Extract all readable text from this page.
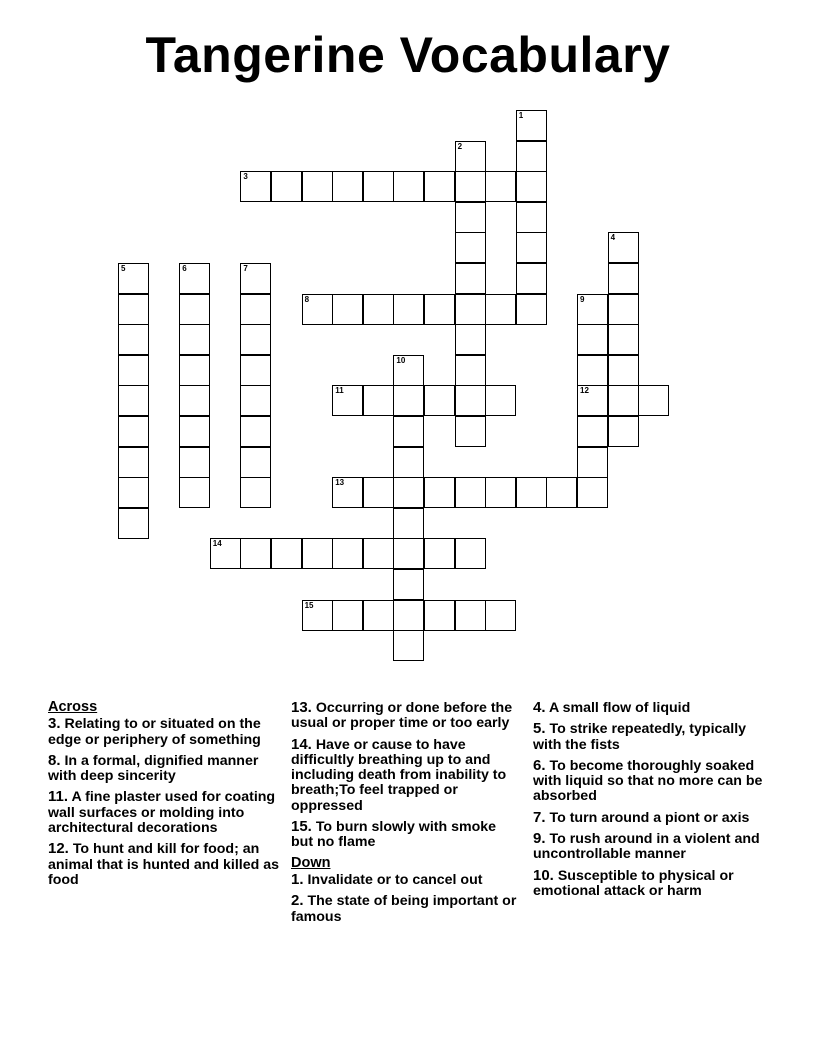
Tangerine Vocabulary
1
2
3
4
5	6	7
8	9
10
11	12
13
14
15
Across
3. Relating to or situated on the edge or periphery of something
8. In a formal, dignified manner with deep sincerity
11. A fine plaster used for coating wall surfaces or molding into architectural decorations
12. To hunt and kill for food; an animal that is hunted and killed as food
13. Occurring or done before the usual or proper time or too early
14. Have or cause to have difficultly breathing up to and including death from inability to breath;To feel trapped or oppressed
15. To burn slowly with smoke but no flame
Down
1. Invalidate or to cancel out
2. The state of being important or famous
4. A small flow of liquid
5. To strike repeatedly, typically with the fists
6. To become thoroughly soaked with liquid so that no more can be absorbed
7. To turn around a piont or axis
9. To rush around in a violent and uncontrollable manner
10. Susceptible to physical or emotional attack or harm
